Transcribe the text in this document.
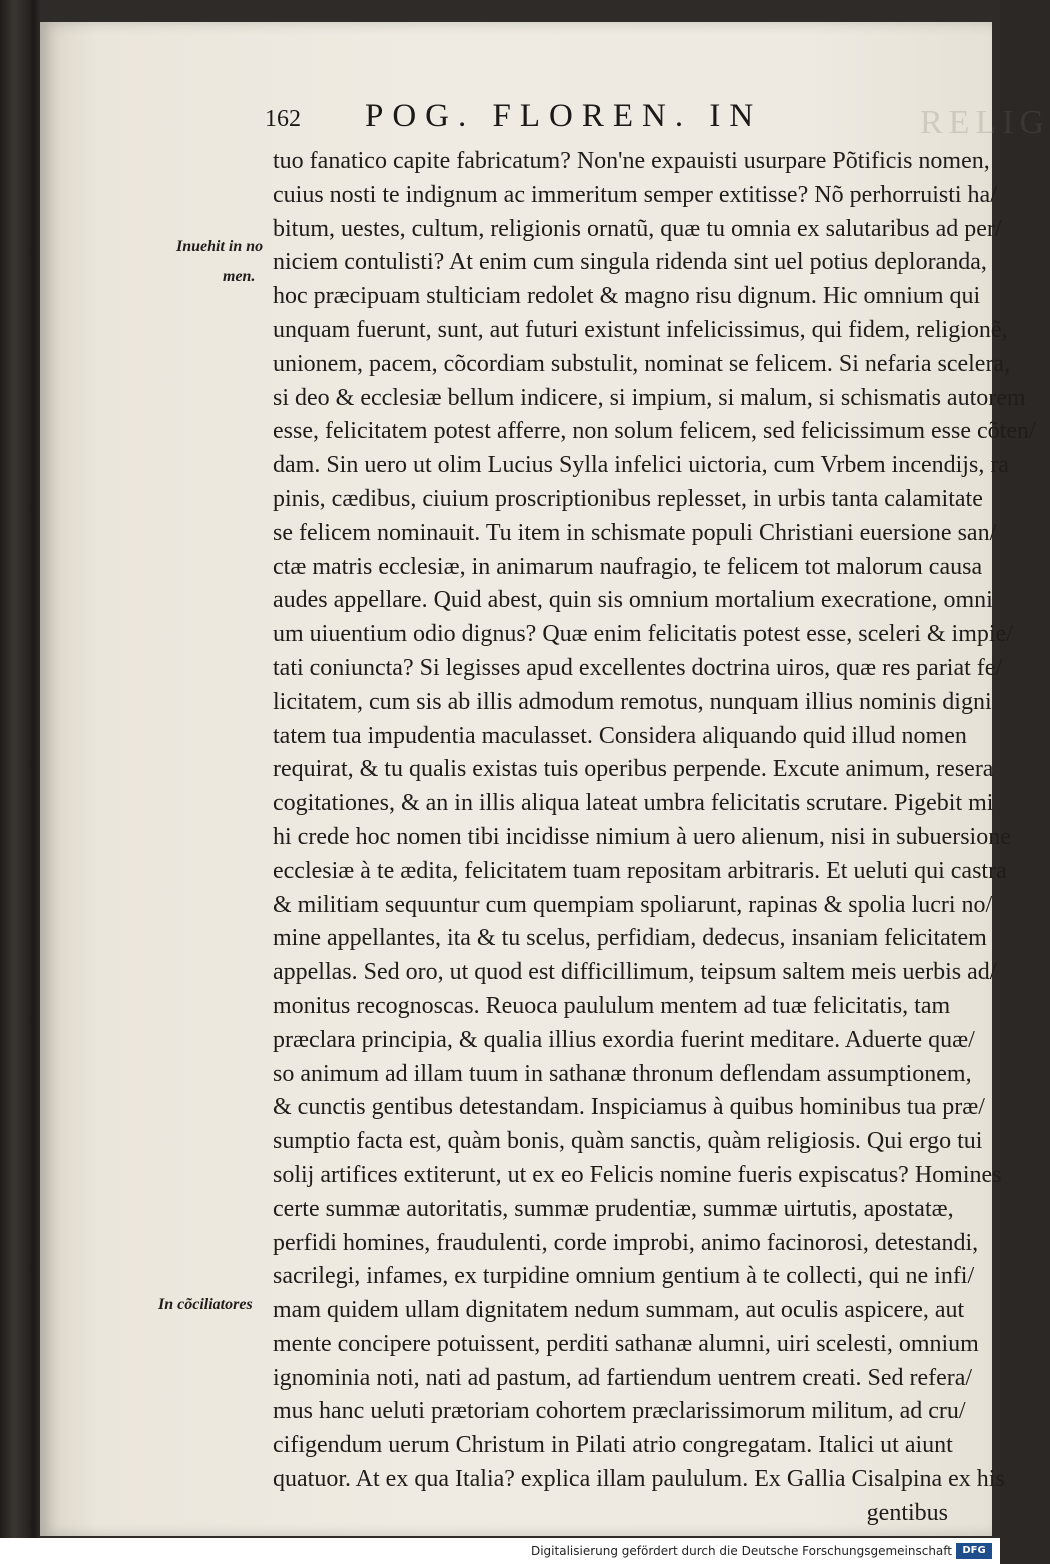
RELIG
162 POG. FLOREN. IN
Inuehit in no
men.
In cõciliatores
tuo fanatico capite fabricatum? Non'ne expauisti usurpare Põtificis nomen,
cuius nosti te indignum ac immeritum semper extitisse? Nõ perhorruisti ha/
bitum, uestes, cultum, religionis ornatũ, quæ tu omnia ex salutaribus ad per/
niciem contulisti? At enim cum singula ridenda sint uel potius deploranda,
hoc præcipuam stulticiam redolet & magno risu dignum. Hic omnium qui
unquam fuerunt, sunt, aut futuri existunt infelicissimus, qui fidem, religionẽ,
unionem, pacem, cõcordiam substulit, nominat se felicem. Si nefaria scelera,
si deo & ecclesiæ bellum indicere, si impium, si malum, si schismatis autorem
esse, felicitatem potest afferre, non solum felicem, sed felicissimum esse cõten/
dam. Sin uero ut olim Lucius Sylla infelici uictoria, cum Vrbem incendijs, ra
pinis, cædibus, ciuium proscriptionibus replesset, in urbis tanta calamitate
se felicem nominauit. Tu item in schismate populi Christiani euersione san/
ctæ matris ecclesiæ, in animarum naufragio, te felicem tot malorum causa
audes appellare. Quid abest, quin sis omnium mortalium execratione, omni
um uiuentium odio dignus? Quæ enim felicitatis potest esse, sceleri & impie/
tati coniuncta? Si legisses apud excellentes doctrina uiros, quæ res pariat fe/
licitatem, cum sis ab illis admodum remotus, nunquam illius nominis digni
tatem tua impudentia maculasset. Considera aliquando quid illud nomen
requirat, & tu qualis existas tuis operibus perpende. Excute animum, resera
cogitationes, & an in illis aliqua lateat umbra felicitatis scrutare. Pigebit mi
hi crede hoc nomen tibi incidisse nimium à uero alienum, nisi in subuersione
ecclesiæ à te ædita, felicitatem tuam repositam arbitraris. Et ueluti qui castra
& militiam sequuntur cum quempiam spoliarunt, rapinas & spolia lucri no/
mine appellantes, ita & tu scelus, perfidiam, dedecus, insaniam felicitatem
appellas. Sed oro, ut quod est difficillimum, teipsum saltem meis uerbis ad/
monitus recognoscas. Reuoca paululum mentem ad tuæ felicitatis, tam
præclara principia, & qualia illius exordia fuerint meditare. Aduerte quæ/
so animum ad illam tuum in sathanæ thronum deflendam assumptionem,
& cunctis gentibus detestandam. Inspiciamus à quibus hominibus tua præ/
sumptio facta est, quàm bonis, quàm sanctis, quàm religiosis. Qui ergo tui
solij artifices extiterunt, ut ex eo Felicis nomine fueris expiscatus? Homines
certe summæ autoritatis, summæ prudentiæ, summæ uirtutis, apostatæ,
perfidi homines, fraudulenti, corde improbi, animo facinorosi, detestandi,
sacrilegi, infames, ex turpidine omnium gentium à te collecti, qui ne infi/
mam quidem ullam dignitatem nedum summam, aut oculis aspicere, aut
mente concipere potuissent, perditi sathanæ alumni, uiri scelesti, omnium
ignominia noti, nati ad pastum, ad fartiendum uentrem creati. Sed refera/
mus hanc ueluti prætoriam cohortem præclarissimorum militum, ad cru/
cifigendum uerum Christum in Pilati atrio congregatam. Italici ut aiunt
quatuor. At ex qua Italia? explica illam paululum. Ex Gallia Cisalpina ex his
gentibus
Digitalisierung gefördert durch die Deutsche Forschungsgemeinschaft	DFG
